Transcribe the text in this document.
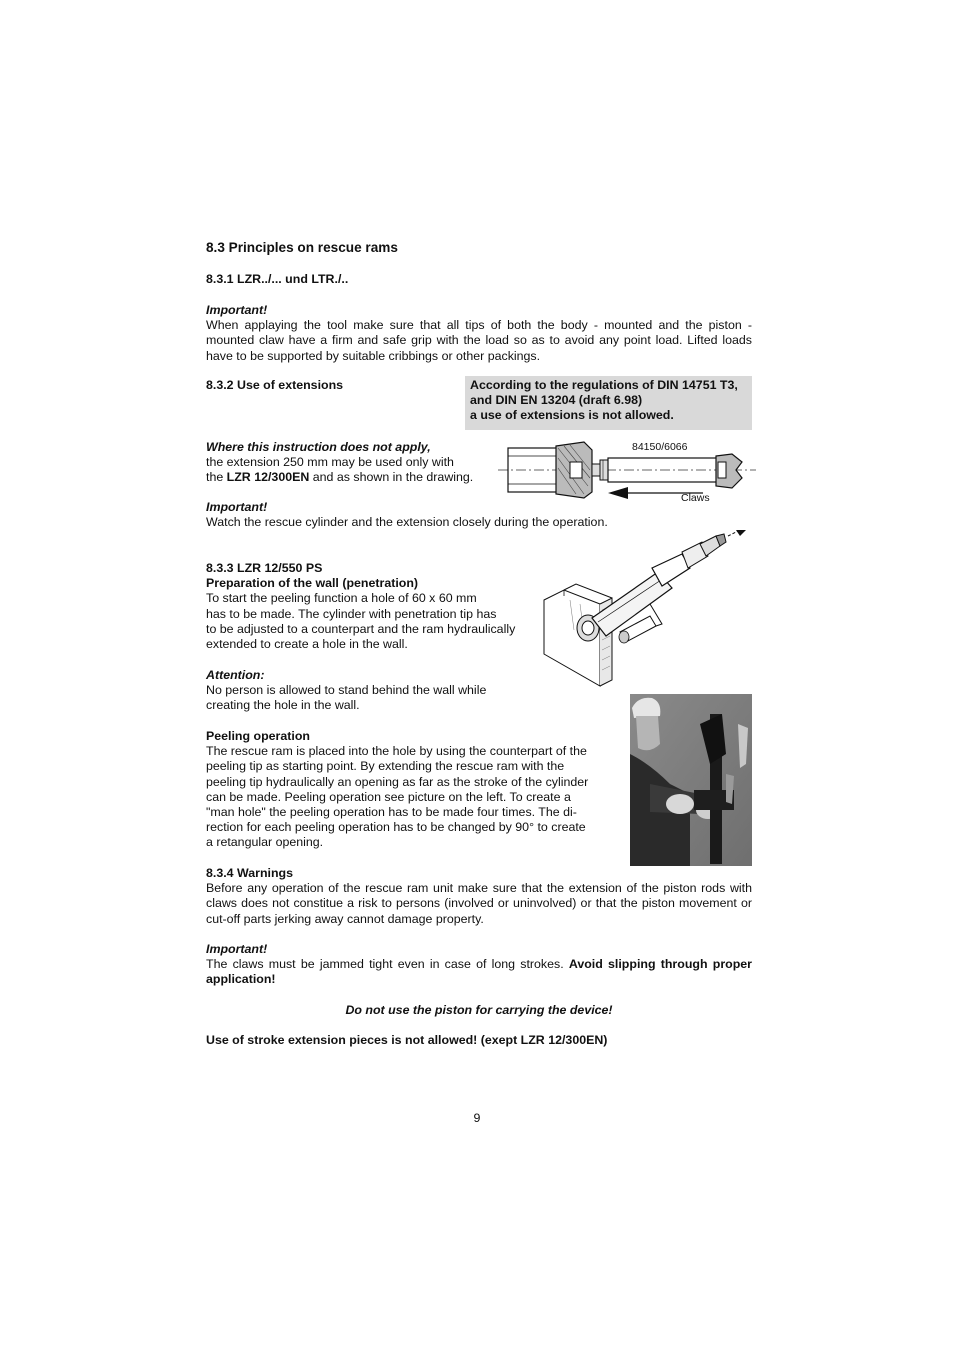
8.3 Principles on rescue rams
8.3.1 LZR../... und LTR./..
Important!
When applaying the tool make sure that all tips of both the body - mounted and the piston - mounted claw have a firm and safe grip with the load so as to avoid any point load. Lifted loads have to be supported by suitable cribbings or other packings.
8.3.2 Use of extensions	According to the regulations of DIN 14751 T3,
and DIN EN 13204 (draft 6.98)
a use of extensions is not allowed.
Where this instruction does not apply,
the extension 250 mm may be used only with
the LZR 12/300EN and as shown in the drawing.
84150/6066
Claws
Important!
Watch the rescue cylinder and the extension closely during the operation.
8.3.3 LZR 12/550 PS
Preparation of the wall (penetration)
To start the peeling function a hole of 60 x 60 mm
has to be made. The cylinder with penetration tip has
to be adjusted to a counterpart and the ram hydraulically
extended to create a hole in the wall.
Attention:
No person is allowed to stand behind the wall while
creating the hole in the wall.
Peeling operation
The rescue ram is placed into the hole by using the counterpart of the
peeling tip as starting point. By extending the rescue ram with the
peeling tip hydraulically an opening as far as the stroke of the cylinder
can be made. Peeling operation see picture on the left. To create a
"man hole" the peeling operation has to be made four times. The di-
rection for each peeling operation has to be changed by 90° to create
a retangular opening.
8.3.4 Warnings
Before any operation of the rescue ram unit make sure that the extension of the piston rods with claws does not constitue a risk to persons (involved or uninvolved) or that the piston movement or cut-off parts jerking away cannot damage property.
Important!
The claws must be jammed tight even in case of long strokes. Avoid slipping through proper application!
Do not use the piston for carrying the device!
Use of stroke extension pieces is not allowed! (exept LZR 12/300EN)
9
